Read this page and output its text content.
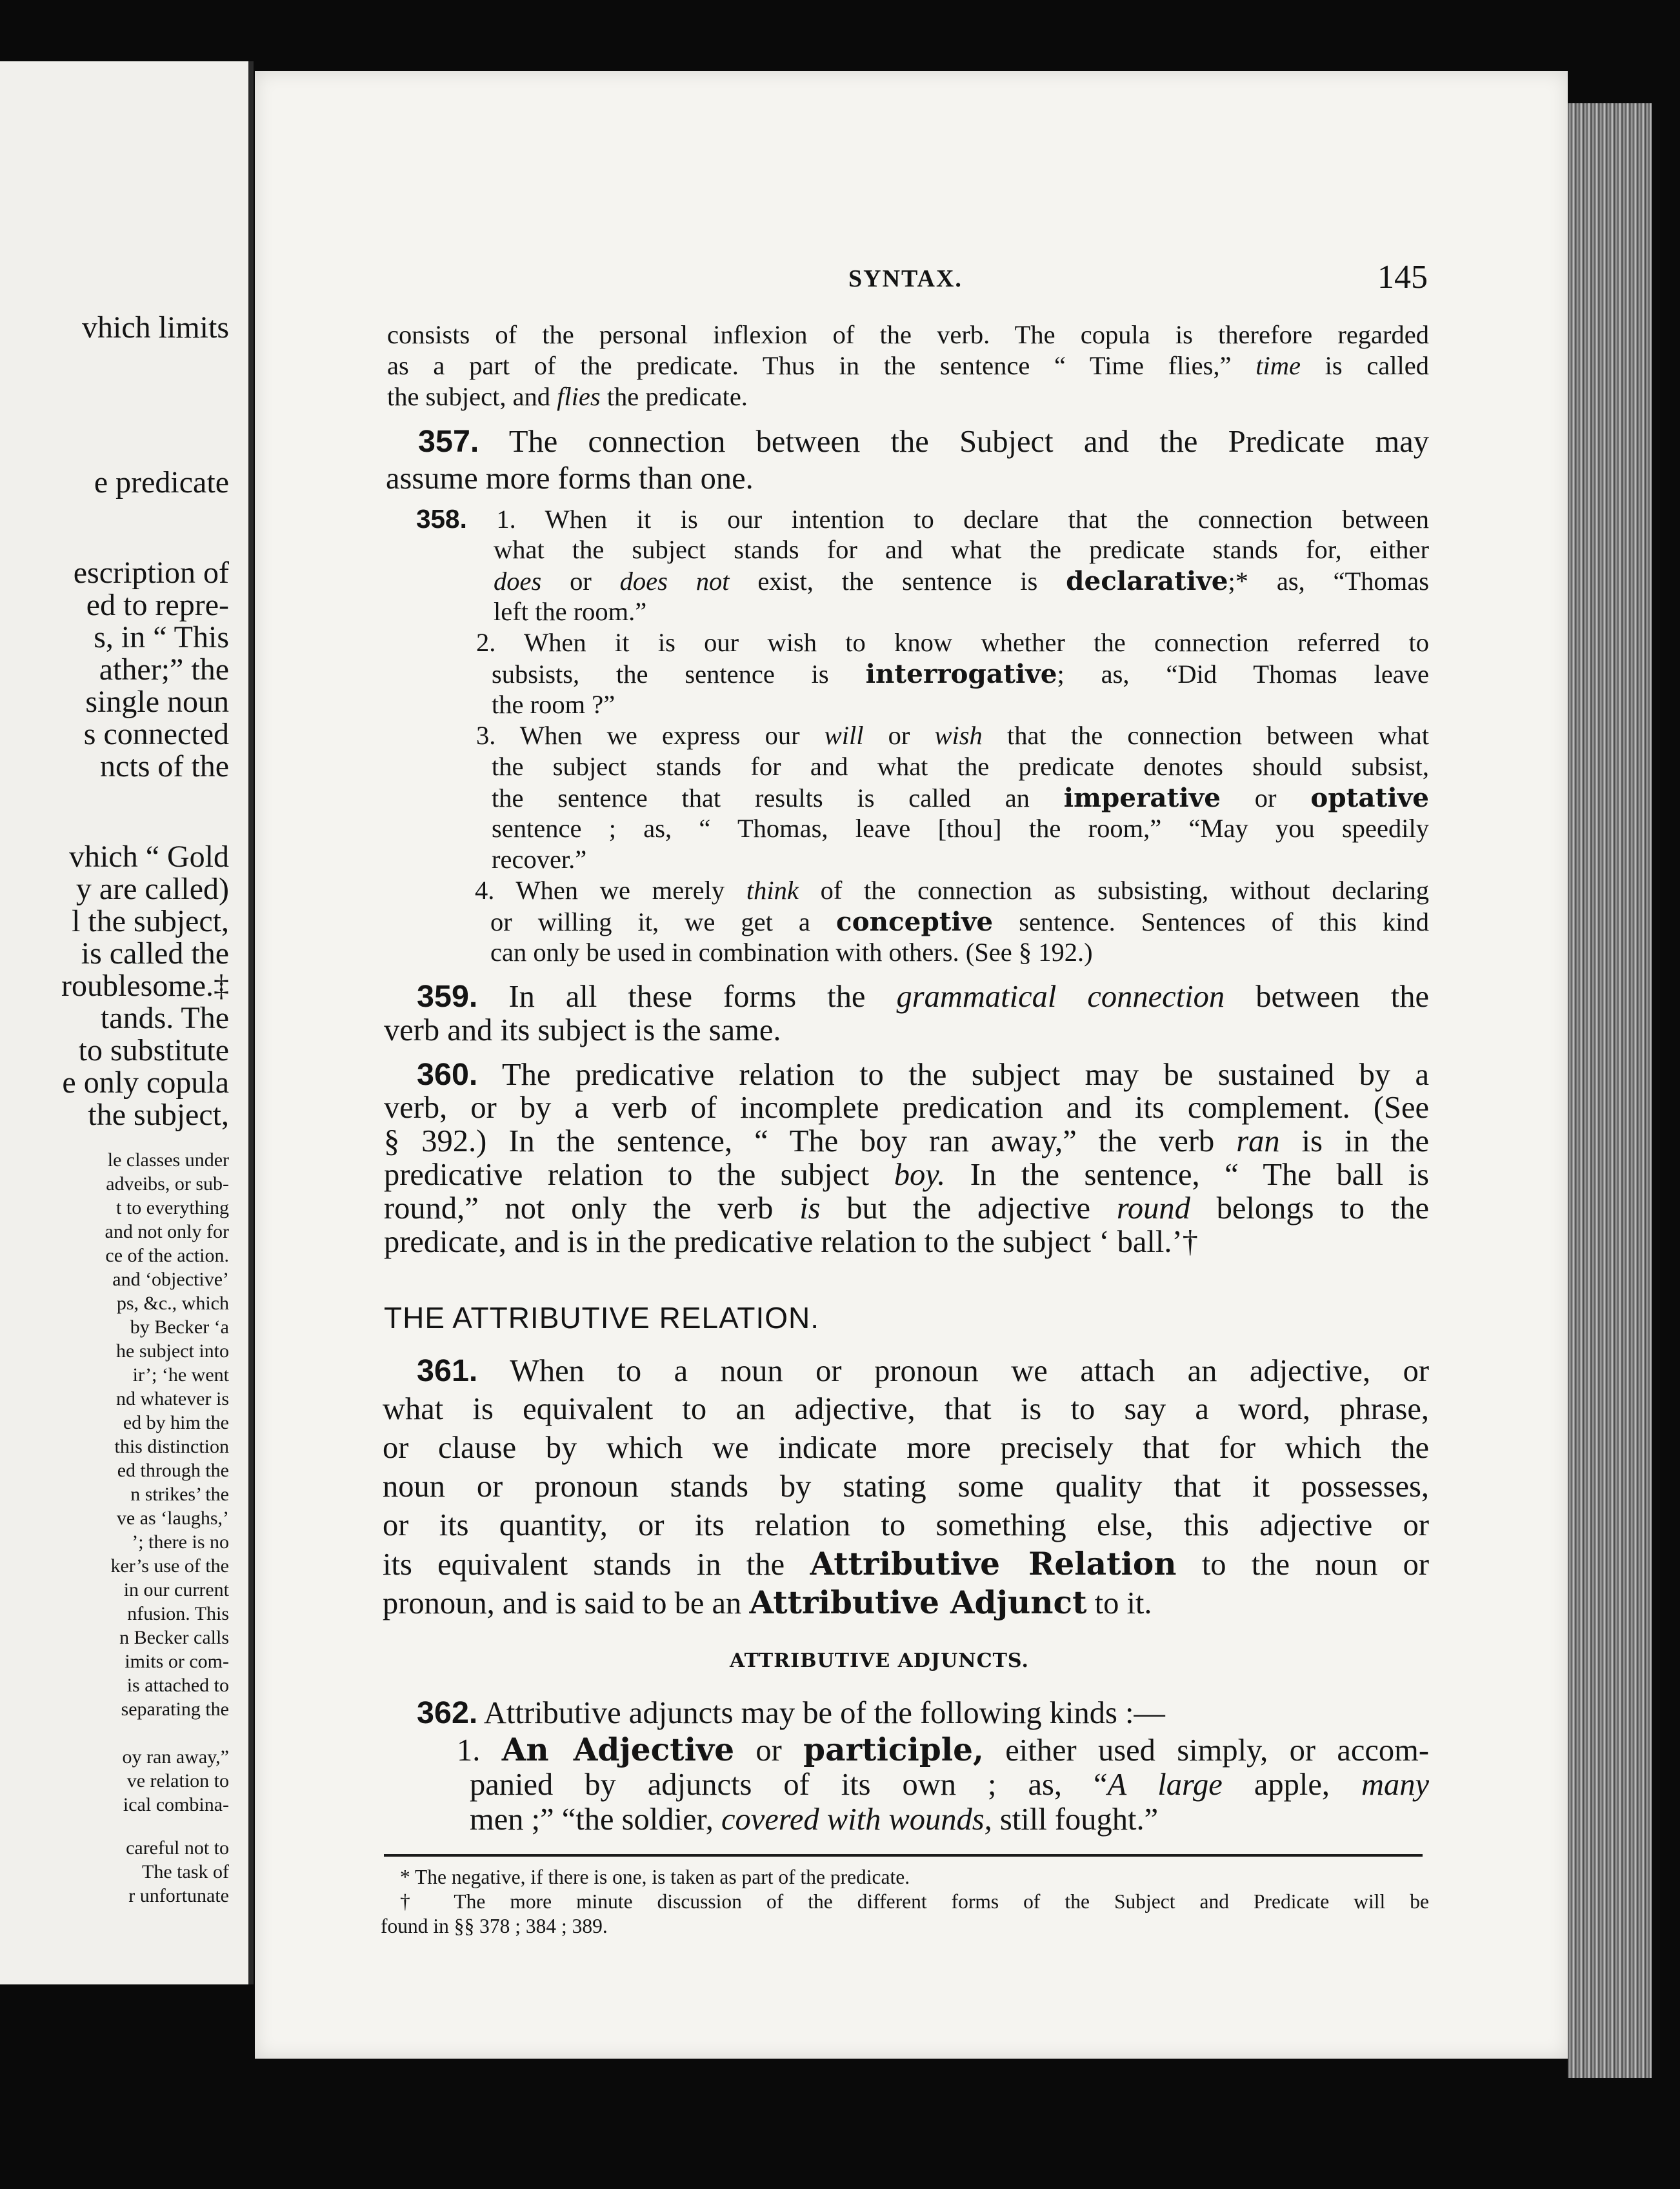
vhich limits
e predicate
escription of
ed to repre-
s, in “ This
ather;” the
single noun
s connected
ncts of the
vhich “ Gold
y are called)
l the subject,
is called the
roublesome.‡
tands. The
to substitute
e only copula
the subject,
le classes under
adveibs, or sub-
t to everything
and not only for
ce of the action.
and ‘objective’
ps, &c., which
by Becker ‘a
he subject into
ir’; ‘he went
nd whatever is
ed by him the
this distinction
ed through the
n strikes’ the
ve as ‘laughs,’
’; there is no
ker’s use of the
in our current
nfusion. This
n Becker calls
imits or com-
is attached to
separating the
oy ran away,”
ve relation to
ical combina-
careful not to
The task of
r unfortunate
SYNTAX.	145
consists of the personal inflexion of the verb. The copula is therefore regarded
as a part of the predicate. Thus in the sentence “ Time flies,” time is called
the subject, and flies the predicate.
357. The connection between the Subject and the Predicate may
assume more forms than one.
358. 1. When it is our intention to declare that the connection between
what the subject stands for and what the predicate stands for, either
does or does not exist, the sentence is declarative;* as, “Thomas
left the room.”
2. When it is our wish to know whether the connection referred to
subsists, the sentence is interrogative; as, “Did Thomas leave
the room ?”
3. When we express our will or wish that the connection between what
the subject stands for and what the predicate denotes should subsist,
the sentence that results is called an imperative or optative
sentence ; as, “ Thomas, leave [thou] the room,” “May you speedily
recover.”
4. When we merely think of the connection as subsisting, without declaring
or willing it, we get a conceptive sentence. Sentences of this kind
can only be used in combination with others. (See § 192.)
359. In all these forms the grammatical connection between the
verb and its subject is the same.
360. The predicative relation to the subject may be sustained by a
verb, or by a verb of incomplete predication and its complement. (See
§ 392.) In the sentence, “ The boy ran away,” the verb ran is in the
predicative relation to the subject boy. In the sentence, “ The ball is
round,” not only the verb is but the adjective round belongs to the
predicate, and is in the predicative relation to the subject ‘ ball.’†
THE ATTRIBUTIVE RELATION.
361. When to a noun or pronoun we attach an adjective, or
what is equivalent to an adjective, that is to say a word, phrase,
or clause by which we indicate more precisely that for which the
noun or pronoun stands by stating some quality that it possesses,
or its quantity, or its relation to something else, this adjective or
its equivalent stands in the Attributive Relation to the noun or
pronoun, and is said to be an Attributive Adjunct to it.
ATTRIBUTIVE ADJUNCTS.
362. Attributive adjuncts may be of the following kinds :—
1. An Adjective or participle, either used simply, or accom-
panied by adjuncts of its own ; as, “A large apple, many
men ;” “the soldier, covered with wounds, still fought.”
* The negative, if there is one, is taken as part of the predicate.
† The more minute discussion of the different forms of the Subject and Predicate will be
found in §§ 378 ; 384 ; 389.
